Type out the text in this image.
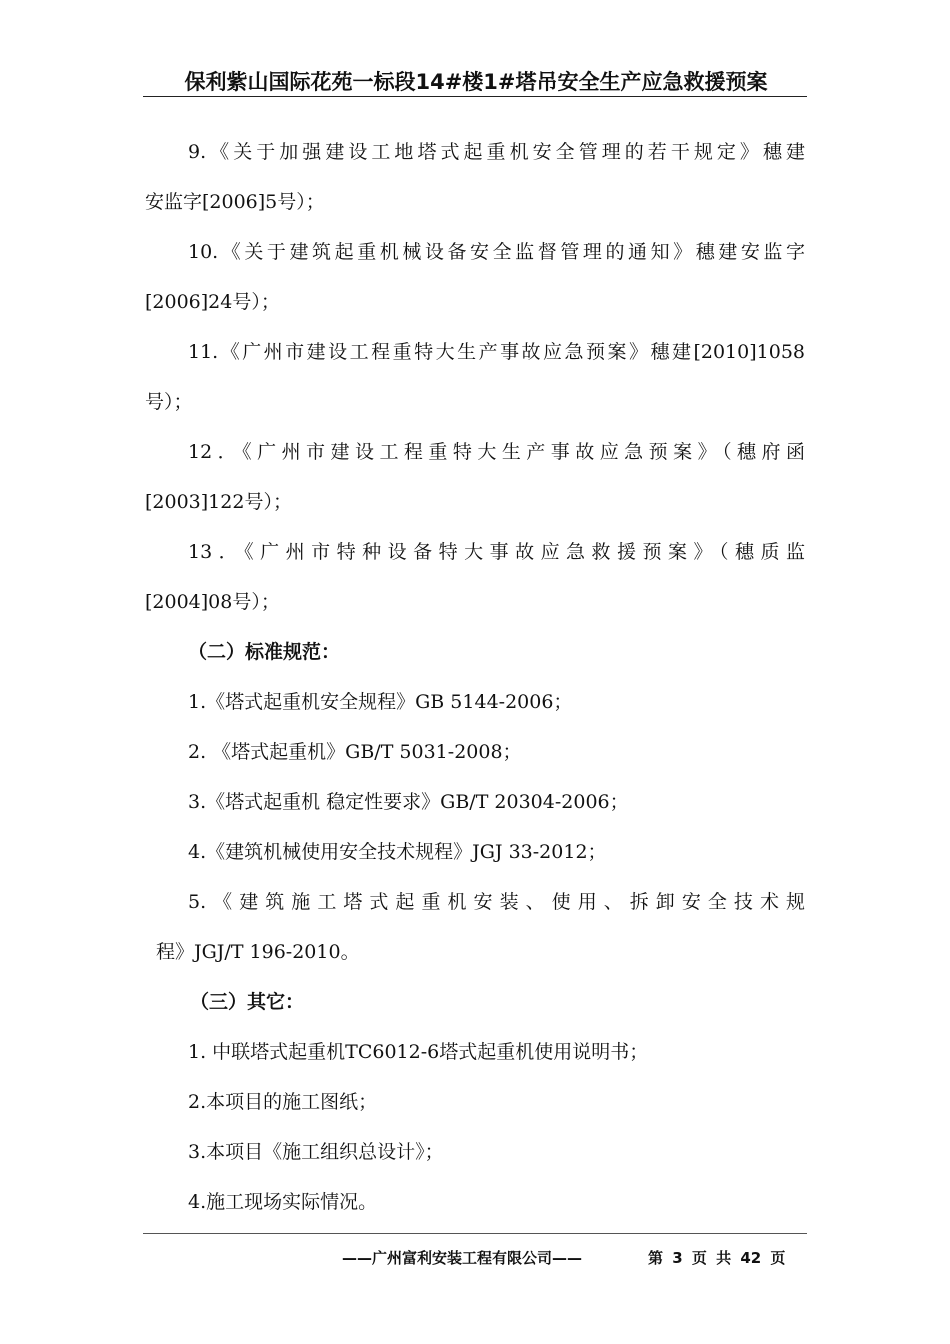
保利紫山国际花苑一标段14#楼1#塔吊安全生产应急救援预案
9.《关于加强建设工地塔式起重机安全管理的若干规定》穗建
安监字[2006]5号）；
10.《关于建筑起重机械设备安全监督管理的通知》穗建安监字
[2006]24号）；
11.《广州市建设工程重特大生产事故应急预案》穗建[2010]1058
号）；
12．《广州市建设工程重特大生产事故应急预案》（穗府函
[2003]122号）；
13．《广州市特种设备特大事故应急救援预案》（穗质监
[2004]08号）；
（二）标准规范：
1.《塔式起重机安全规程》GB 5144-2006；
2. 《塔式起重机》GB/T 5031-2008；
3.《塔式起重机 稳定性要求》GB/T 20304-2006；
4.《建筑机械使用安全技术规程》JGJ 33-2012；
5.《建筑施工塔式起重机安装、使用、拆卸安全技术规
程》JGJ/T 196-2010。
（三）其它：
1. 中联塔式起重机TC6012-6塔式起重机使用说明书；
2.本项目的施工图纸；
3.本项目《施工组织总设计》；
4.施工现场实际情况。
——广州富利安装工程有限公司——	第 3 页 共 42 页
